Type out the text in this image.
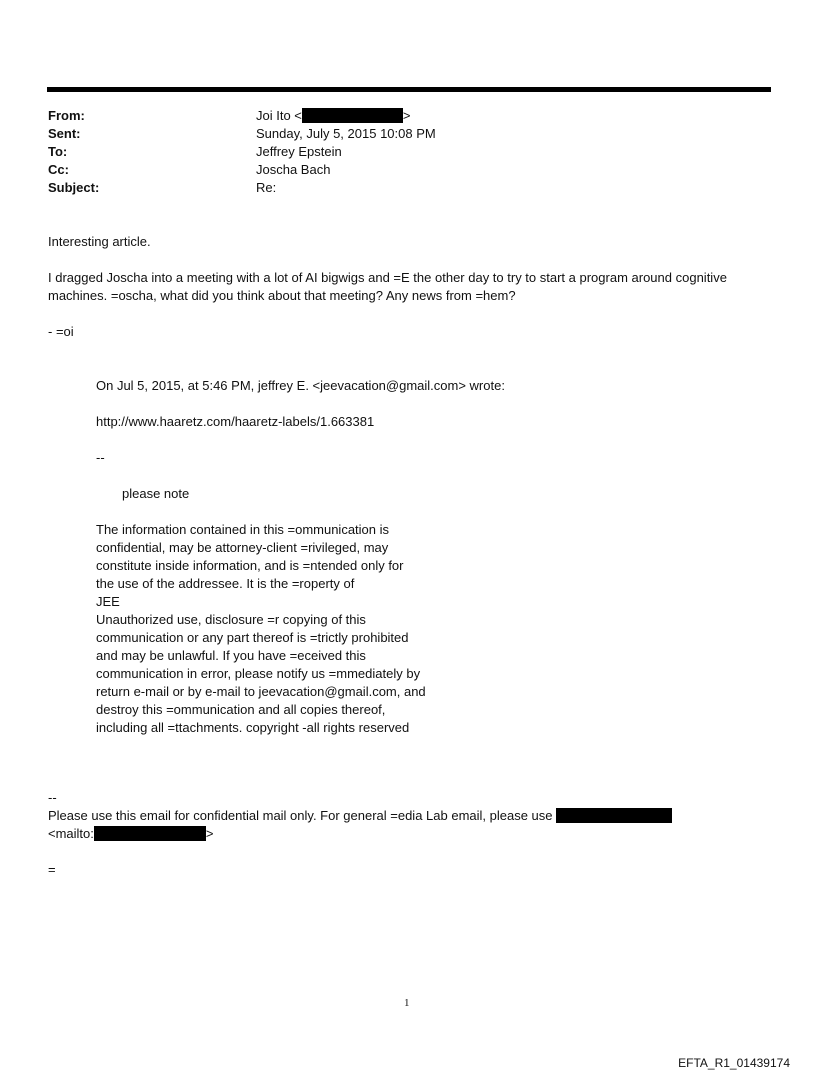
From:	Joi Ito <	>
Sent:	Sunday, July 5, 2015 10:08 PM
To:	Jeffrey Epstein
Cc:	Joscha Bach
Subject:	Re:
Interesting article.
I dragged Joscha into a meeting with a lot of AI bigwigs and =E the other day to try to start a program around cognitive
machines. =oscha, what did you think about that meeting? Any news from =hem?
- =oi
On Jul 5, 2015, at 5:46 PM, jeffrey E. <jeevacation@gmail.com> wrote:
http://www.haaretz.com/haaretz-labels/1.663381
--
please note
The information contained in this =ommunication is
confidential, may be attorney-client =rivileged, may
constitute inside information, and is =ntended only for
the use of the addressee. It is the =roperty of
JEE
Unauthorized use, disclosure =r copying of this
communication or any part thereof is =trictly prohibited
and may be unlawful. If you have =eceived this
communication in error, please notify us =mmediately by
return e-mail or by e-mail to jeevacation@gmail.com, and
destroy this =ommunication and all copies thereof,
including all =ttachments. copyright -all rights reserved
--
Please use this email for confidential mail only. For general =edia Lab email, please use
<mailto:	>
=
1
EFTA_R1_01439174
